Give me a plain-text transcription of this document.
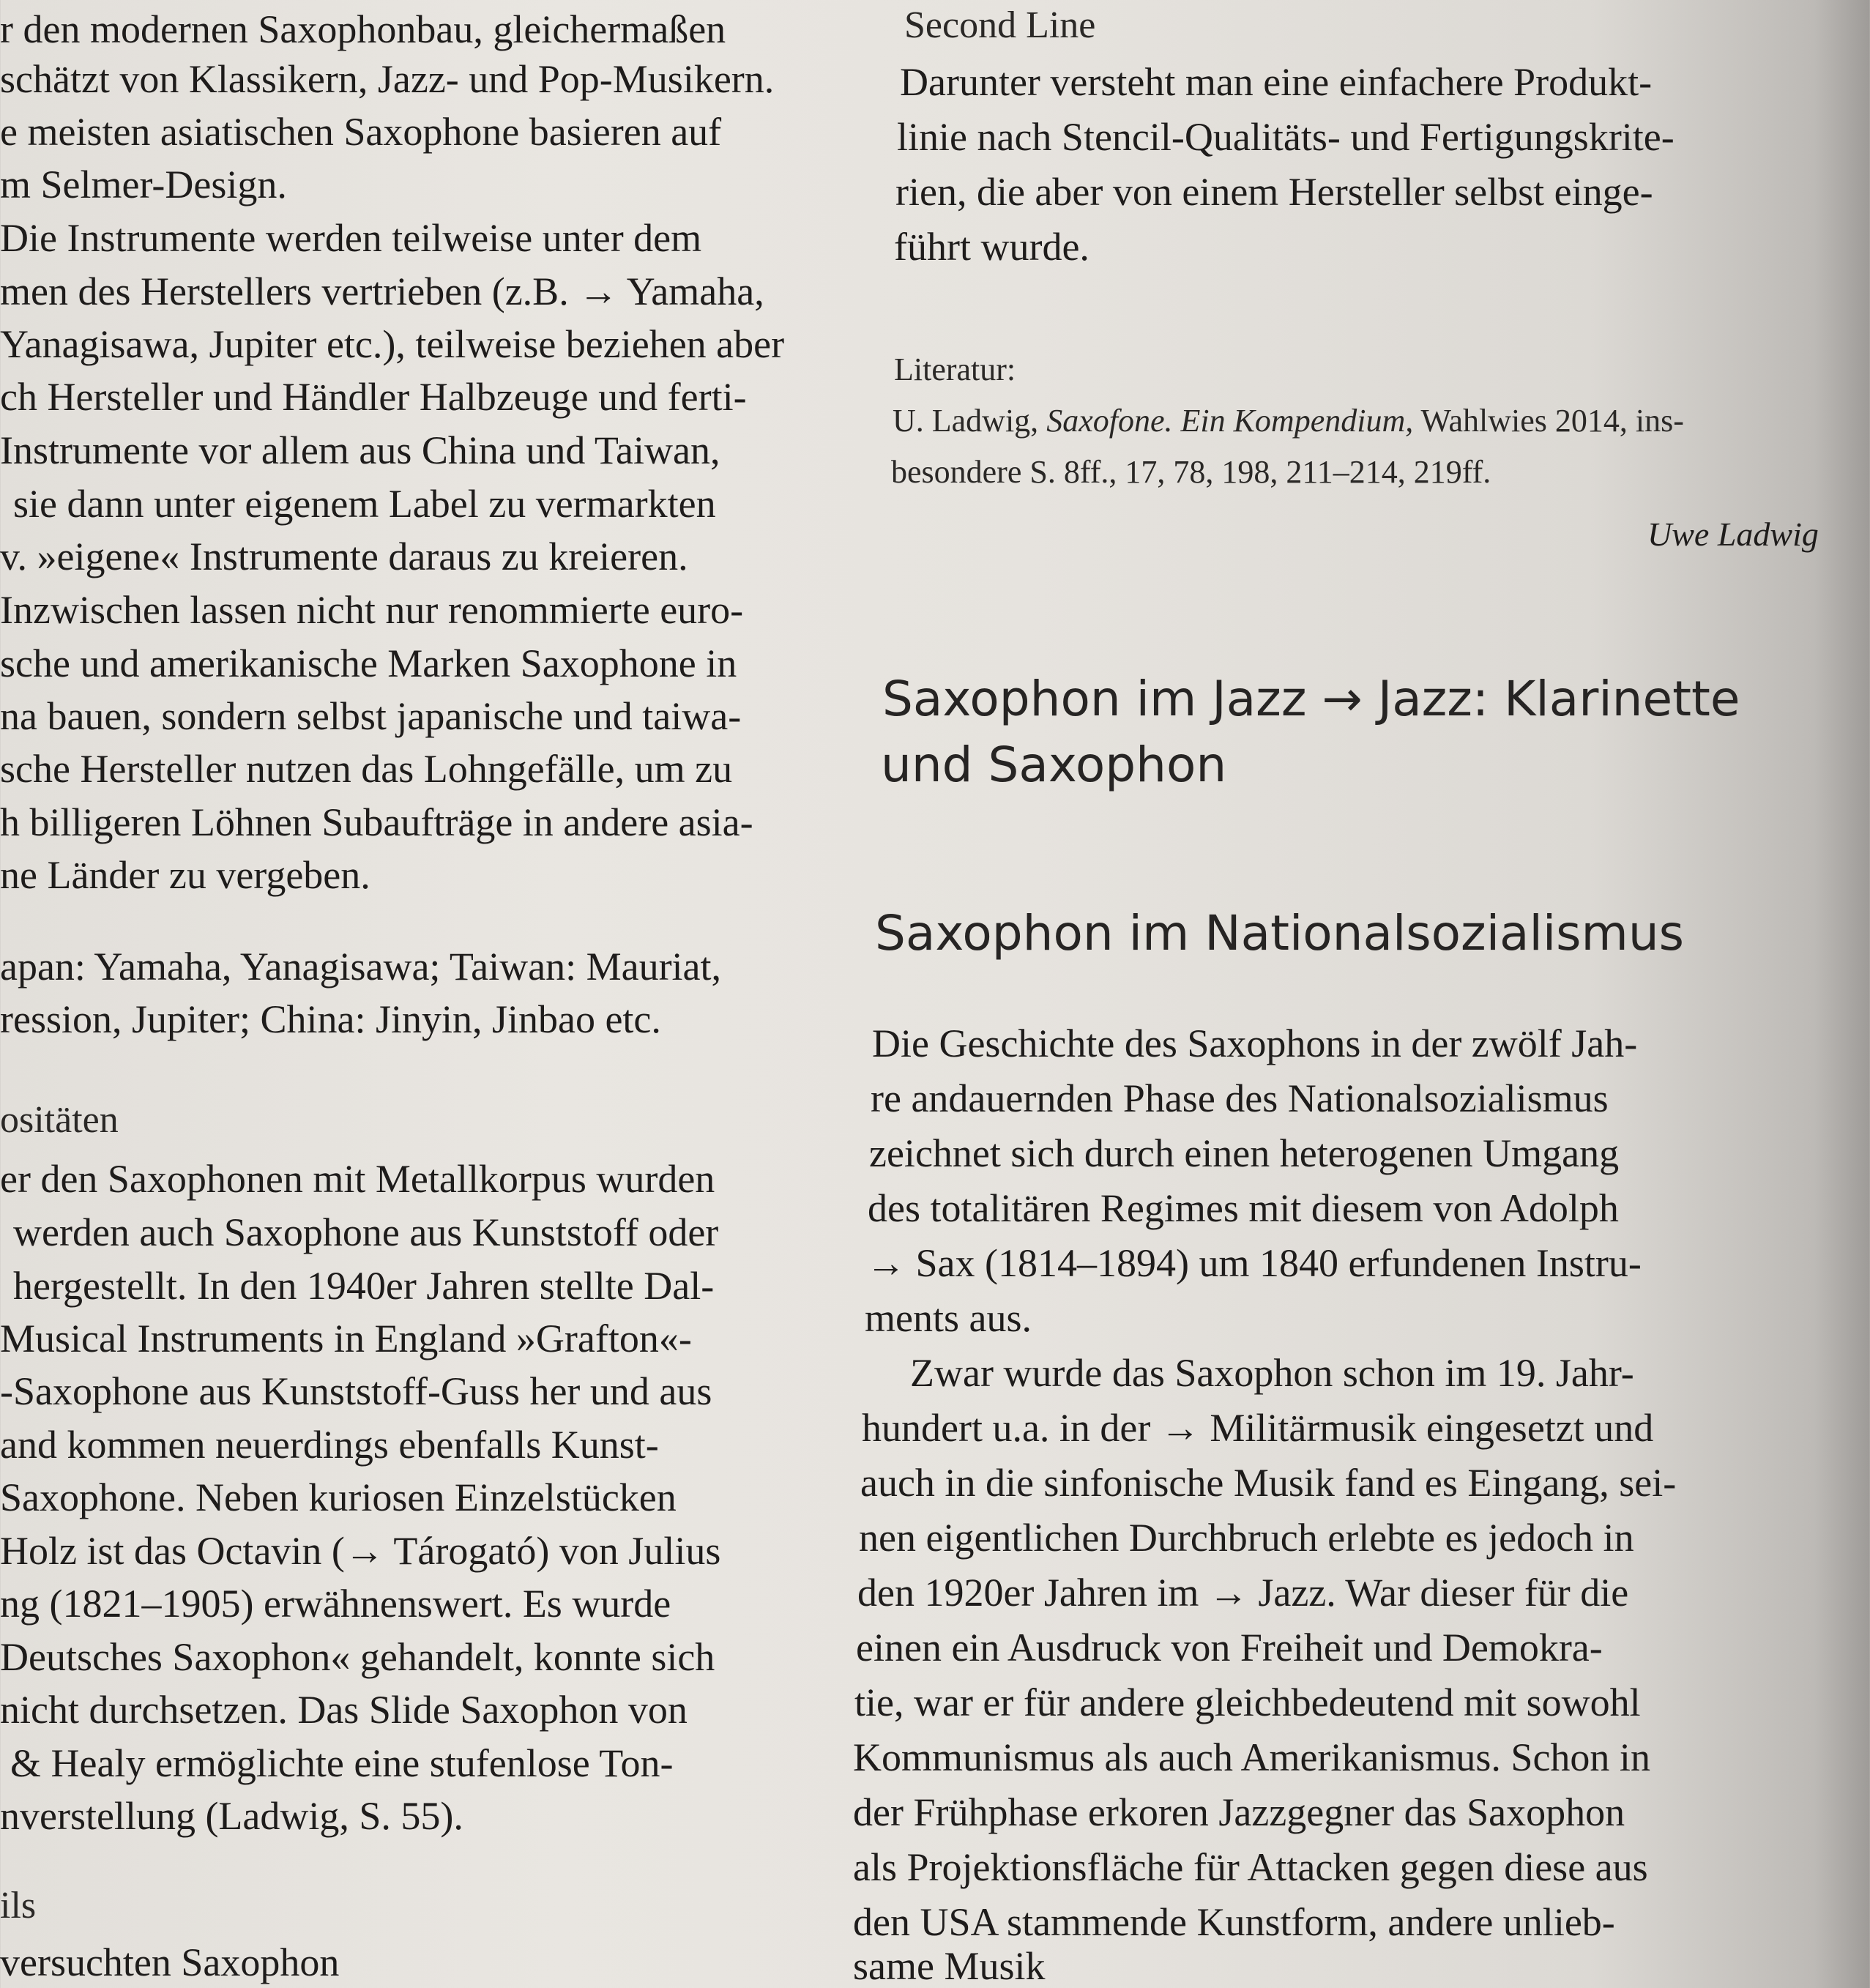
r den modernen Saxophonbau, gleichermaßen
schätzt von Klassikern, Jazz- und Pop-Musikern.
e meisten asiatischen Saxophone basieren auf
m Selmer-Design.
Die Instrumente werden teilweise unter dem
men des Herstellers vertrieben (z.B. → Yamaha,
Yanagisawa, Jupiter etc.), teilweise beziehen aber
ch Hersteller und Händler Halbzeuge und ferti-
Instrumente vor allem aus China und Taiwan,
sie dann unter eigenem Label zu vermarkten
v. »eigene« Instrumente daraus zu kreieren.
Inzwischen lassen nicht nur renommierte euro-
sche und amerikanische Marken Saxophone in
na bauen, sondern selbst japanische und taiwa-
sche Hersteller nutzen das Lohngefälle, um zu
h billigeren Löhnen Subaufträge in andere asia-
ne Länder zu vergeben.
apan: Yamaha, Yanagisawa; Taiwan: Mauriat,
ression, Jupiter; China: Jinyin, Jinbao etc.
ositäten
er den Saxophonen mit Metallkorpus wurden
werden auch Saxophone aus Kunststoff oder
hergestellt. In den 1940er Jahren stellte Dal-
Musical Instruments in England »Grafton«-
-Saxophone aus Kunststoff-Guss her und aus
and kommen neuerdings ebenfalls Kunst-
Saxophone. Neben kuriosen Einzelstücken
Holz ist das Octavin (→ Tárogató) von Julius
ng (1821–1905) erwähnenswert. Es wurde
Deutsches Saxophon« gehandelt, konnte sich
nicht durchsetzen. Das Slide Saxophon von
& Healy ermöglichte eine stufenlose Ton-
nverstellung (Ladwig, S. 55).
ils
versuchten Saxophon
Second Line
Darunter versteht man eine einfachere Produkt-
linie nach Stencil-Qualitäts- und Fertigungskrite-
rien, die aber von einem Hersteller selbst einge-
führt wurde.
Literatur:
U. Ladwig, Saxofone. Ein Kompendium, Wahlwies 2014, ins-
besondere S. 8ff., 17, 78, 198, 211–214, 219ff.
Uwe Ladwig
Saxophon im Jazz → Jazz: Klarinette
und Saxophon
Saxophon im Nationalsozialismus
Die Geschichte des Saxophons in der zwölf Jah-
re andauernden Phase des Nationalsozialismus
zeichnet sich durch einen heterogenen Umgang
des totalitären Regimes mit diesem von Adolph
→ Sax (1814–1894) um 1840 erfundenen Instru-
ments aus.
Zwar wurde das Saxophon schon im 19. Jahr-
hundert u.a. in der → Militärmusik eingesetzt und
auch in die sinfonische Musik fand es Eingang, sei-
nen eigentlichen Durchbruch erlebte es jedoch in
den 1920er Jahren im → Jazz. War dieser für die
einen ein Ausdruck von Freiheit und Demokra-
tie, war er für andere gleichbedeutend mit sowohl
Kommunismus als auch Amerikanismus. Schon in
der Frühphase erkoren Jazzgegner das Saxophon
als Projektionsfläche für Attacken gegen diese aus
den USA stammende Kunstform, andere unlieb-
same Musik
